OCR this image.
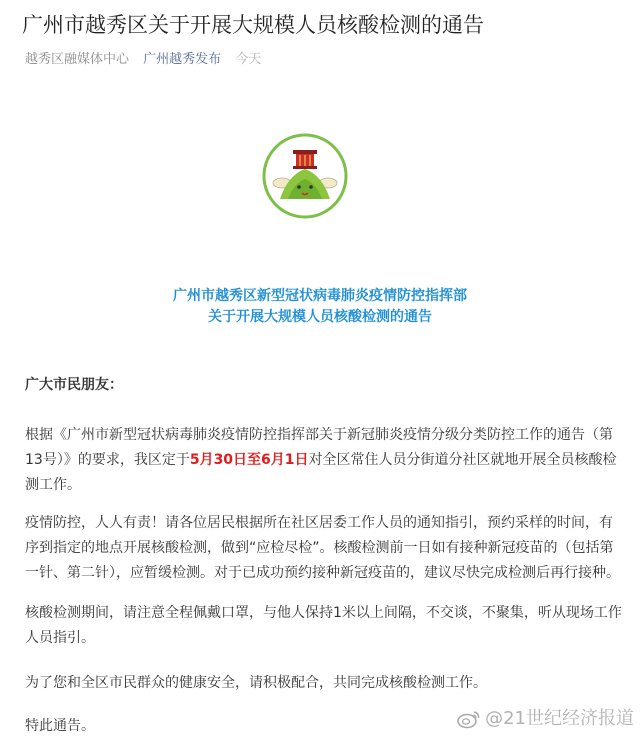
广州市越秀区关于开展大规模人员核酸检测的通告
越秀区融媒体中心 广州越秀发布 今天
广州市越秀区新型冠状病毒肺炎疫情防控指挥部
关于开展大规模人员核酸检测的通告

广大市民朋友：

根据《广州市新型冠状病毒肺炎疫情防控指挥部关于新冠肺炎疫情分级分类防控工作的通告（第13号）》的要求，我区定于5月30日至6月1日对全区常住人员分街道分社区就地开展全员核酸检测工作。

疫情防控，人人有责！请各位居民根据所在社区居委工作人员的通知指引，预约采样的时间，有序到指定的地点开展核酸检测，做到“应检尽检”。核酸检测前一日如有接种新冠疫苗的（包括第一针、第二针），应暂缓检测。对于已成功预约接种新冠疫苗的，建议尽快完成检测后再行接种。

核酸检测期间，请注意全程佩戴口罩，与他人保持1米以上间隔，不交谈，不聚集，听从现场工作人员指引。

为了您和全区市民群众的健康安全，请积极配合，共同完成核酸检测工作。

特此通告。	@21世纪经济报道
